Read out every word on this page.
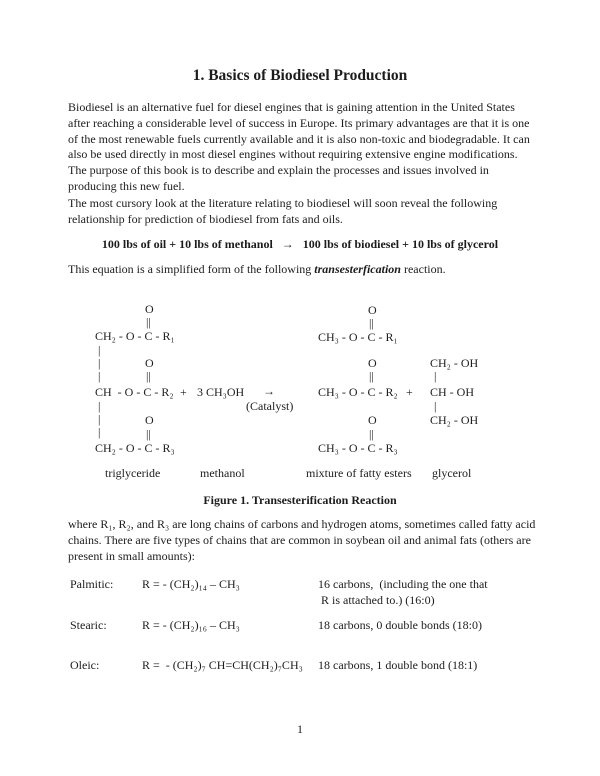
1. Basics of Biodiesel Production
Biodiesel is an alternative fuel for diesel engines that is gaining attention in the United States
after reaching a considerable level of success in Europe. Its primary advantages are that it is one
of the most renewable fuels currently available and it is also non-toxic and biodegradable. It can
also be used directly in most diesel engines without requiring extensive engine modifications.
The purpose of this book is to describe and explain the processes and issues involved in
producing this new fuel.
The most cursory look at the literature relating to biodiesel will soon reveal the following
relationship for prediction of biodiesel from fats and oils.
100 lbs of oil + 10 lbs of methanol   →   100 lbs of biodiesel + 10 lbs of glycerol
This equation is a simplified form of the following transesterfication reaction.
O
||
CH₂ - O - C - R₁
|
|	O
|	||
CH  - O - C - R₂ + 3 CH₃OH →
(Catalyst)
|
|	O
|	||
CH₂ - O - C - R₃
O
||
CH₃ - O - C - R₁
O
||
CH₃ - O - C - R₂ +
O
||
CH₃ - O - C - R₃
CH₂ - OH
|
CH - OH
|
CH₂ - OH
triglyceride	methanol	mixture of fatty esters glycerol
Figure 1. Transesterification Reaction
where R₁, R₂, and R₃ are long chains of carbons and hydrogen atoms, sometimes called fatty acid
chains. There are five types of chains that are common in soybean oil and animal fats (others are
present in small amounts):
Palmitic: R = - (CH₂)₁₄ – CH₃	16 carbons,  (including the one that
R is attached to.) (16:0)
Stearic:	R = - (CH₂)₁₆ – CH₃	18 carbons, 0 double bonds (18:0)
Oleic:	R =  - (CH₂)₇ CH=CH(CH₂)₇CH₃ 18 carbons, 1 double bond (18:1)
1
